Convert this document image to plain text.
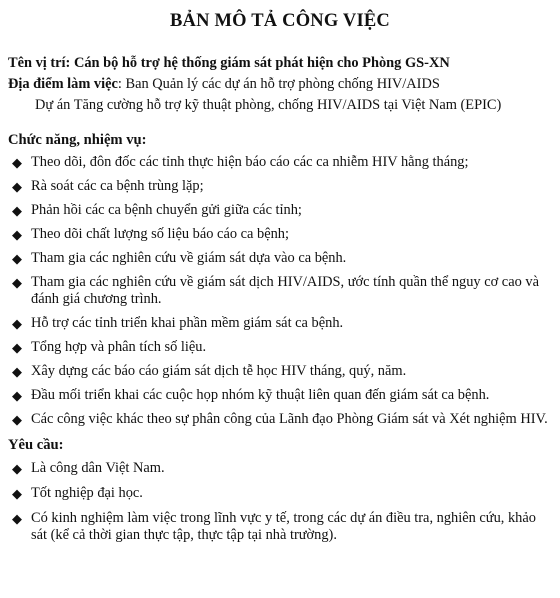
BẢN MÔ TẢ CÔNG VIỆC
Tên vị trí: Cán bộ hỗ trợ hệ thống giám sát phát hiện cho Phòng GS-XN
Địa điểm làm việc: Ban Quản lý các dự án hỗ trợ phòng chống HIV/AIDS
Dự án Tăng cường hỗ trợ kỹ thuật phòng, chống HIV/AIDS tại Việt Nam (EPIC)
Chức năng, nhiệm vụ:
◆ Theo dõi, đôn đốc các tỉnh thực hiện báo cáo các ca nhiễm HIV hằng tháng;
◆ Rà soát các ca bệnh trùng lặp;
◆ Phản hồi các ca bệnh chuyển gửi giữa các tỉnh;
◆ Theo dõi chất lượng số liệu báo cáo ca bệnh;
◆ Tham gia các nghiên cứu về giám sát dựa vào ca bệnh.
◆ Tham gia các nghiên cứu về giám sát dịch HIV/AIDS, ước tính quần thể nguy cơ cao và đánh giá chương trình.
◆ Hỗ trợ các tỉnh triển khai phần mềm giám sát ca bệnh.
◆ Tổng hợp và phân tích số liệu.
◆ Xây dựng các báo cáo giám sát dịch tễ học HIV tháng, quý, năm.
◆ Đầu mối triển khai các cuộc họp nhóm kỹ thuật liên quan đến giám sát ca bệnh.
◆ Các công việc khác theo sự phân công của Lãnh đạo Phòng Giám sát và Xét nghiệm HIV.
Yêu cầu:
◆ Là công dân Việt Nam.
◆ Tốt nghiệp đại học.
◆ Có kinh nghiệm làm việc trong lĩnh vực y tế, trong các dự án điều tra, nghiên cứu, khảo sát (kể cả thời gian thực tập, thực tập tại nhà trường).
